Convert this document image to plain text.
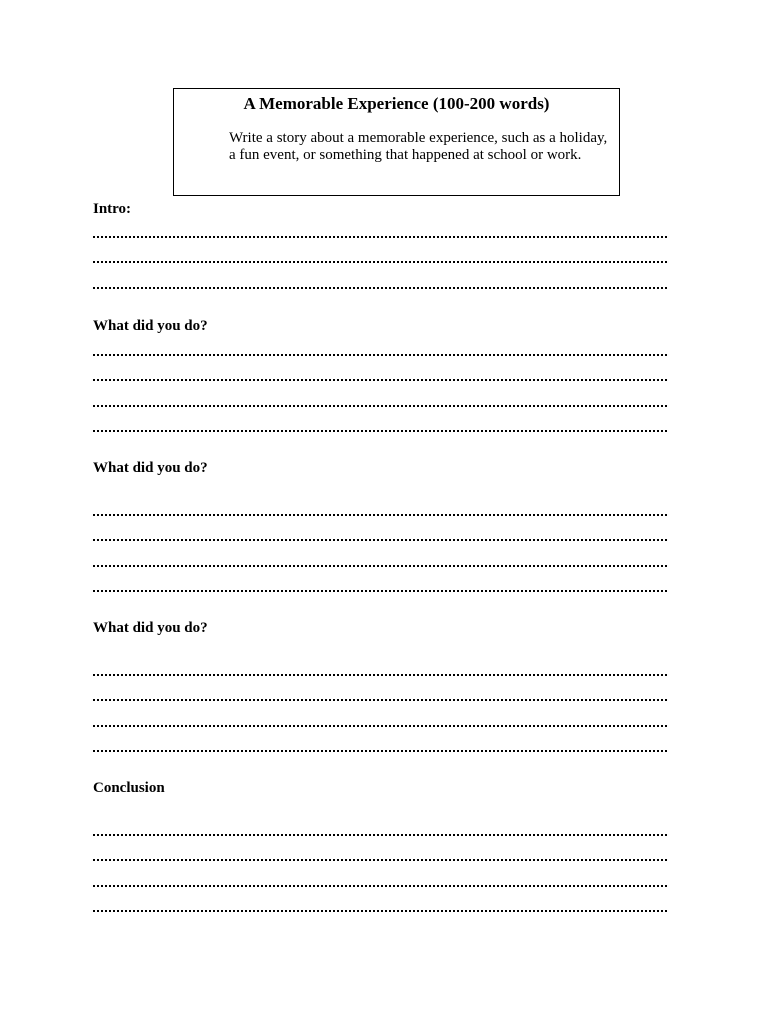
A Memorable Experience (100-200 words)
Write a story about a memorable experience, such as a holiday, a fun event, or something that happened at school or work.
Intro:
What did you do?
What did you do?
What did you do?
Conclusion
